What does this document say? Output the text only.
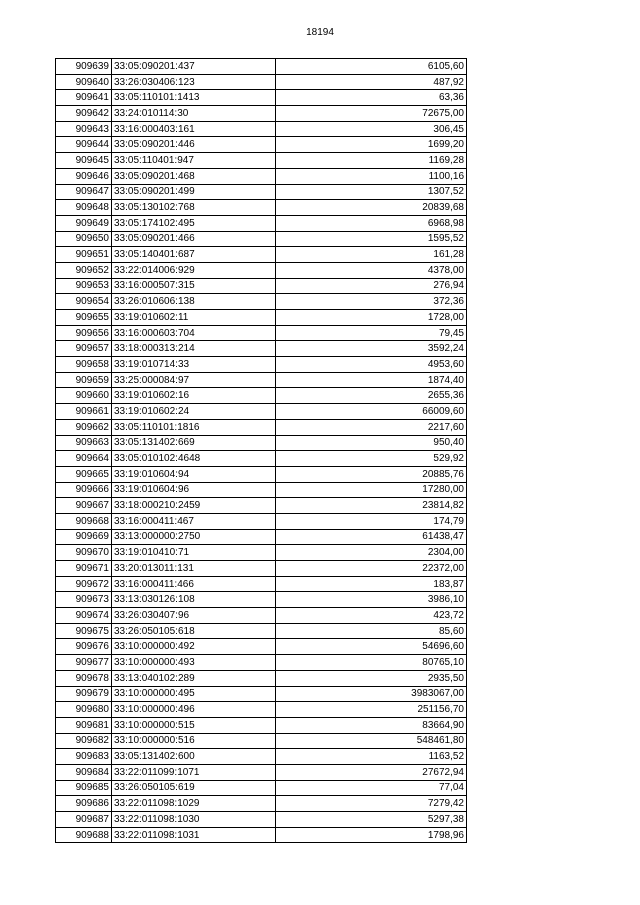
18194
909639	33:05:090201:437	6105,60
909640	33:26:030406:123	487,92
909641	33:05:110101:1413	63,36
909642	33:24:010114:30	72675,00
909643	33:16:000403:161	306,45
909644	33:05:090201:446	1699,20
909645	33:05:110401:947	1169,28
909646	33:05:090201:468	1100,16
909647	33:05:090201:499	1307,52
909648	33:05:130102:768	20839,68
909649	33:05:174102:495	6968,98
909650	33:05:090201:466	1595,52
909651	33:05:140401:687	161,28
909652	33:22:014006:929	4378,00
909653	33:16:000507:315	276,94
909654	33:26:010606:138	372,36
909655	33:19:010602:11	1728,00
909656	33:16:000603:704	79,45
909657	33:18:000313:214	3592,24
909658	33:19:010714:33	4953,60
909659	33:25:000084:97	1874,40
909660	33:19:010602:16	2655,36
909661	33:19:010602:24	66009,60
909662	33:05:110101:1816	2217,60
909663	33:05:131402:669	950,40
909664	33:05:010102:4648	529,92
909665	33:19:010604:94	20885,76
909666	33:19:010604:96	17280,00
909667	33:18:000210:2459	23814,82
909668	33:16:000411:467	174,79
909669	33:13:000000:2750	61438,47
909670	33:19:010410:71	2304,00
909671	33:20:013011:131	22372,00
909672	33:16:000411:466	183,87
909673	33:13:030126:108	3986,10
909674	33:26:030407:96	423,72
909675	33:26:050105:618	85,60
909676	33:10:000000:492	54696,60
909677	33:10:000000:493	80765,10
909678	33:13:040102:289	2935,50
909679	33:10:000000:495	3983067,00
909680	33:10:000000:496	251156,70
909681	33:10:000000:515	83664,90
909682	33:10:000000:516	548461,80
909683	33:05:131402:600	1163,52
909684	33:22:011099:1071	27672,94
909685	33:26:050105:619	77,04
909686	33:22:011098:1029	7279,42
909687	33:22:011098:1030	5297,38
909688	33:22:011098:1031	1798,96
